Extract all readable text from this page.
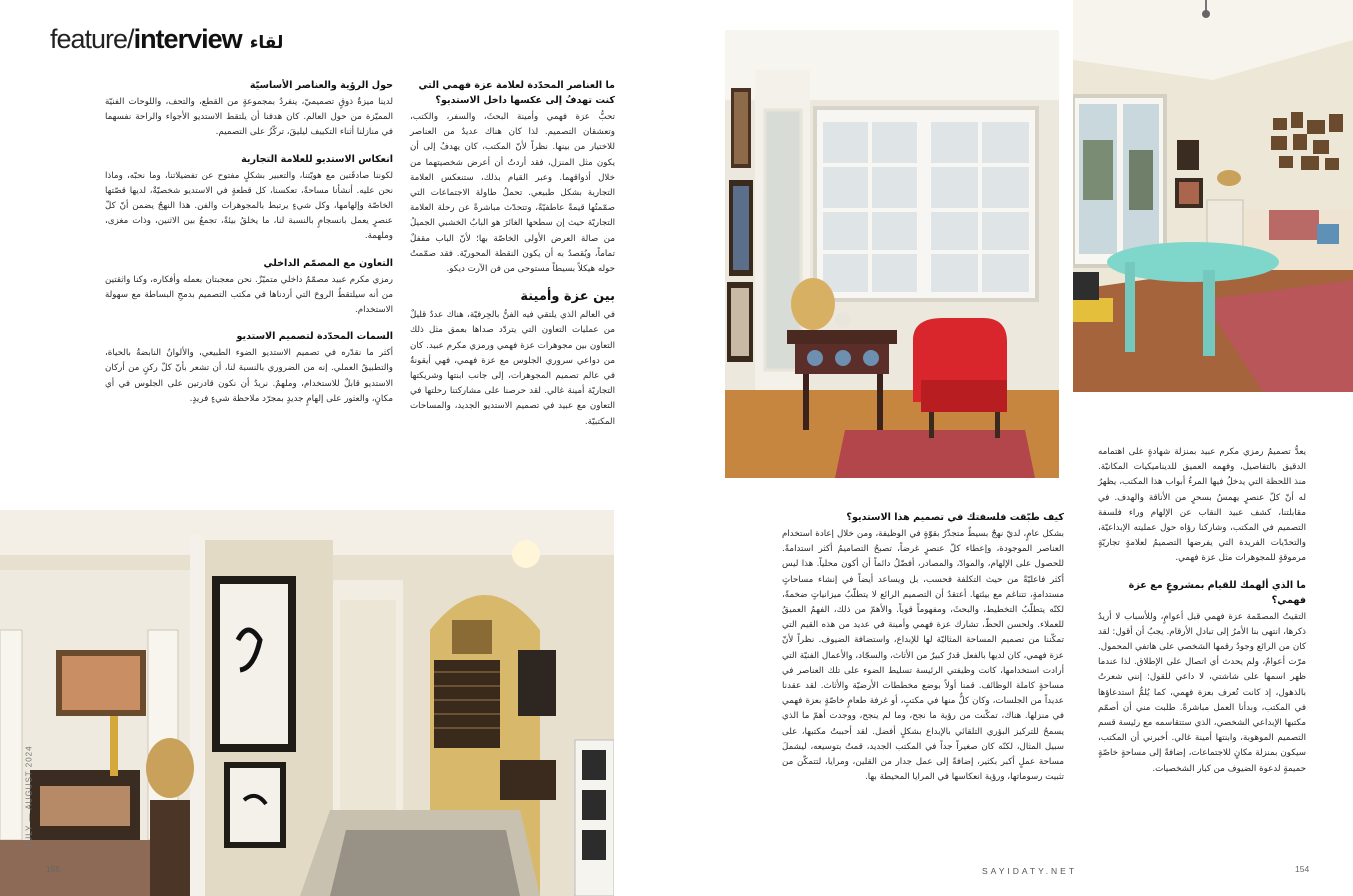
feature/interview لقاء

ما العناصر المحدّدة لعلامة عزة فهمي التي كنت تهدفُ إلى عكسها داخل الاستديو؟

تحبُّ عزة فهمي وأمينة البحثَ، والسفر، والكتب، وتعشقان التصميم. لذا كان هناك عديدٌ من العناصر للاختيار من بينها. نظراً لأنّ المكتب، كان يهدفُ إلى أن يكون مثل المنزل، فقد أردتُ أن أعرض شخصيتهما من خلال أذواقهما. وعبر القيام بذلك، ستنعكس العلامة التجارية بشكل طبيعي. تحملُ طاولة الاجتماعات التي صمّمتُها قيمةً عاطفيّةً، وتتحدّث مباشرةً عن رحلة العلامة التجاريّة حيث إن سطحها الغائرَ هو البابُ الخشبي الجميلُ من صالة العرض الأولى الخاصّة بها؛ لأنّ الباب مقفلٌ تماماً، ويُقصدُ به أن يكون النقطة المحوريّة. فقد صمّمتُ حوله هيكلاً بسيطاً مستوحى من فن الآرت ديكو.

بين عزة وأمينة

في العالم الذي يلتقي فيه الفنُّ بالحِرفيّة، هناك عددٌ قليلٌ من عمليات التعاون التي يتردّد صداها بعمق مثل ذلك التعاون بين مجوهرات عزة فهمي ورمزي مكرم عبيد. كان من دواعي سروري الجلوس مع عزة فهمي، فهي أيقونةٌ في عالم تصميم المجوهرات، إلى جانب ابنتها وشريكتها التجاريّة أمينة غالي. لقد حرصنا على مشاركتنا رحلتها في التعاون مع عبيد في تصميم الاستديو الجديد، والمساحات المكتبيّة.

حول الرؤية والعناصر الأساسيّة

لدينا ميزةٌ ذوقٍ تصميميّ، ينفردُ بمجموعةٍ من القطع، والتحف، واللوحات الفنيّة المميّزة من حول العالم. كان هدفنا أن يلتقط الاستديو الأجواء والراحة نفسهما في منازلنا أثناء التكييف ليليقَ، تركّزُ على التصميم.

انعكاس الاستديو للعلامة التجارية

لكوننا صادقَتين مع هويّتنا، والتعبير بشكلٍ مفتوح عن تفضيلاتنا، وما نحبّه، وماذا نحن عليه. أنشأنا مساحةً، تعكسنا، كل قطعةٍ في الاستديو شخصيّةٌ، لديها قصّتها الخاصّة وإلهامها، وكل شيءٍ يرتبط بالمجوهرات والفن. هذا النهجُ يضمن أنّ كلّ عنصرٍ يعمل بانسجامٍ بالنسبة لنا، ما يخلقُ بيئةً، تجمعُ بين الاثنين، وذات مغزى، وملهمة.

التعاون مع المصمّم الداخلي

رمزي مكرم عبيد مصمّمٌ داخلي متميّزٌ. نحن معجبتان بعمله وأفكاره، وكنا واثقتين من أنه سيلتقطُ الروحَ التي أردناها في مكتب التصميم بدمجِ البساطة مع سهولة الاستخدام.

السمات المحدّدة لتصميم الاستديو

أكثر ما نقدّره في تصميم الاستديو الضوء الطبيعي، والألوانُ النابضةُ بالحياة، والتطبيقُ العملي. إنه من الضروري بالنسبة لنا، أن تشعر بأنّ كلّ ركنٍ من أركان الاستديو قابلٌ للاستخدام، وملهمٌ. نريدُ أن نكون قادرتين على الجلوس في أي مكانٍ، والعثور على إلهامٍ جديدٍ بمجرّد ملاحظة شيءٍ فريدٍ.

JULY — AUGUST 2024
155

كيف طبّقت فلسفتك في تصميم هذا الاستديو؟

بشكل عامٍ، لديّ نهجٌ بسيطٌ متجذّرٌ بقوّةٍ في الوظيفة، ومن خلال إعادة استخدام العناصر الموجودة، وإعطاء كلّ عنصرٍ غرضاً، تصبحُ التصاميمُ أكثر استدامةً. للحصول على الإلهام، والموادّ، والمصادر، أفضّلُ دائماً أن أكون محلياً. هذا ليس أكثر فاعليّةً من حيث التكلفة فحسب، بل ويساعد أيضاً في إنشاء مساحاتٍ مستدامةٍ، تتناغم مع بيئتها. أعتقدُ أن التصميم الرائع لا يتطلّبُ ميزانياتٍ ضخمةً، لكنّه يتطلّبُ التخطيط، والبحثَ، ومفهوماً قوياً. والأهمّ من ذلك، الفهمُ العميقُ للعملاء. ولحسن الحظّ، تشارك عزة فهمي وأمينة في عديد من هذه القيم التي تمكّننا من تصميم المساحة المثاليّة لها للإبداع، واستضافة الضيوف. نظراً لأنّ عزة فهمي، كان لديها بالفعل قدرٌ كبيرٌ من الأثاث، والسجّاد، والأعمال الفنيّة التي أرادت استخدامها، كانت وظيفتي الرئيسة تسليط الضوء على تلك العناصر في مساحةٍ كاملة الوظائف. قمنا أولاً بوضع مخططات الأرضيّة والأثاث. لقد عقدنا عديداً من الجلسات، وكان كلٌّ منها في مكتبٍ، أو غرفة طعامٍ خاصّةٍ بعزة فهمي في منزلها. هناك، تمكّنت من رؤية ما نجح، وما لم ينجح، ووجدت أهمّ ما الذي يسمحُ للتركيز البؤري التلقائي بالإبداع بشكلٍ أفضل. لقد أحببتُ مكتبها، على سبيل المثال، لكنّه كان صغيراً جداً في المكتب الجديد، قمتُ بتوسيعه، ليشملَ مساحة عملٍ أكبر بكثير، إضافةً إلى عمل جدار من القلين، ومرايا، لتتمكّن من تثبيت رسوماتها، ورؤية انعكاسها في المرايا المحيطة بها.

يعدُّ تصميمُ رمزي مكرم عبيد بمنزلة شهادةٍ على اهتمامه الدقيق بالتفاصيل، وفهمه العميق للديناميكيات المكانيّة. منذ اللحظة التي يدخلُ فيها المرءُ أبواب هذا المكتب، يظهرُ له أنّ كلّ عنصرٍ يهمسُ بسحرٍ من الأناقة والهدف. في مقابلتنا، كشف عبيد النقاب عن الإلهام وراء فلسفة التصميم في المكتب، وشاركنا رؤاه حول عمليته الإبداعيّة، والتحدّيات الفريدة التي يفرضها التصميمُ لعلامةٍ تجاريّةٍ مرموقةٍ للمجوهرات مثل عزة فهمي.

ما الذي ألهمك للقيام بمشروعٍ مع عزة فهمي؟

التقيتُ المصمّمة عزة فهمي قبل أعوامٍ، وللأسباب لا أريدُ ذكرها، انتهى بنا الأمرُ إلى تبادل الأرقام. يجبُ أن أقول: لقد كان من الرائع وجودُ رقمها الشخصي على هاتفي المحمول. مرّت أعوامٌ، ولم يحدث أي اتصال على الإطلاق. لذا عندما ظهر اسمها على شاشتي، لا داعي للقول: إنني شعرتُ بالذهول، إذ كانت تُعرف بعزة فهمي، كما يُلمُّ استدعاؤها في المكتب، وبدأنا العمل مباشرةً. طلبت مني أن أصمّم مكتبها الإبداعي الشخصي، الذي ستتقاسمه مع رئيسة قسم التصميم الموهوبة، وابنتها أمينة غالي. أخبرني أن المكتب، سيكون بمنزلة مكانٍ للاجتماعات، إضافةً إلى مساحةٍ خاصّةٍ حميمةٍ لدعوة الضيوف من كبار الشخصيات.

SAYIDATY.NET	154
